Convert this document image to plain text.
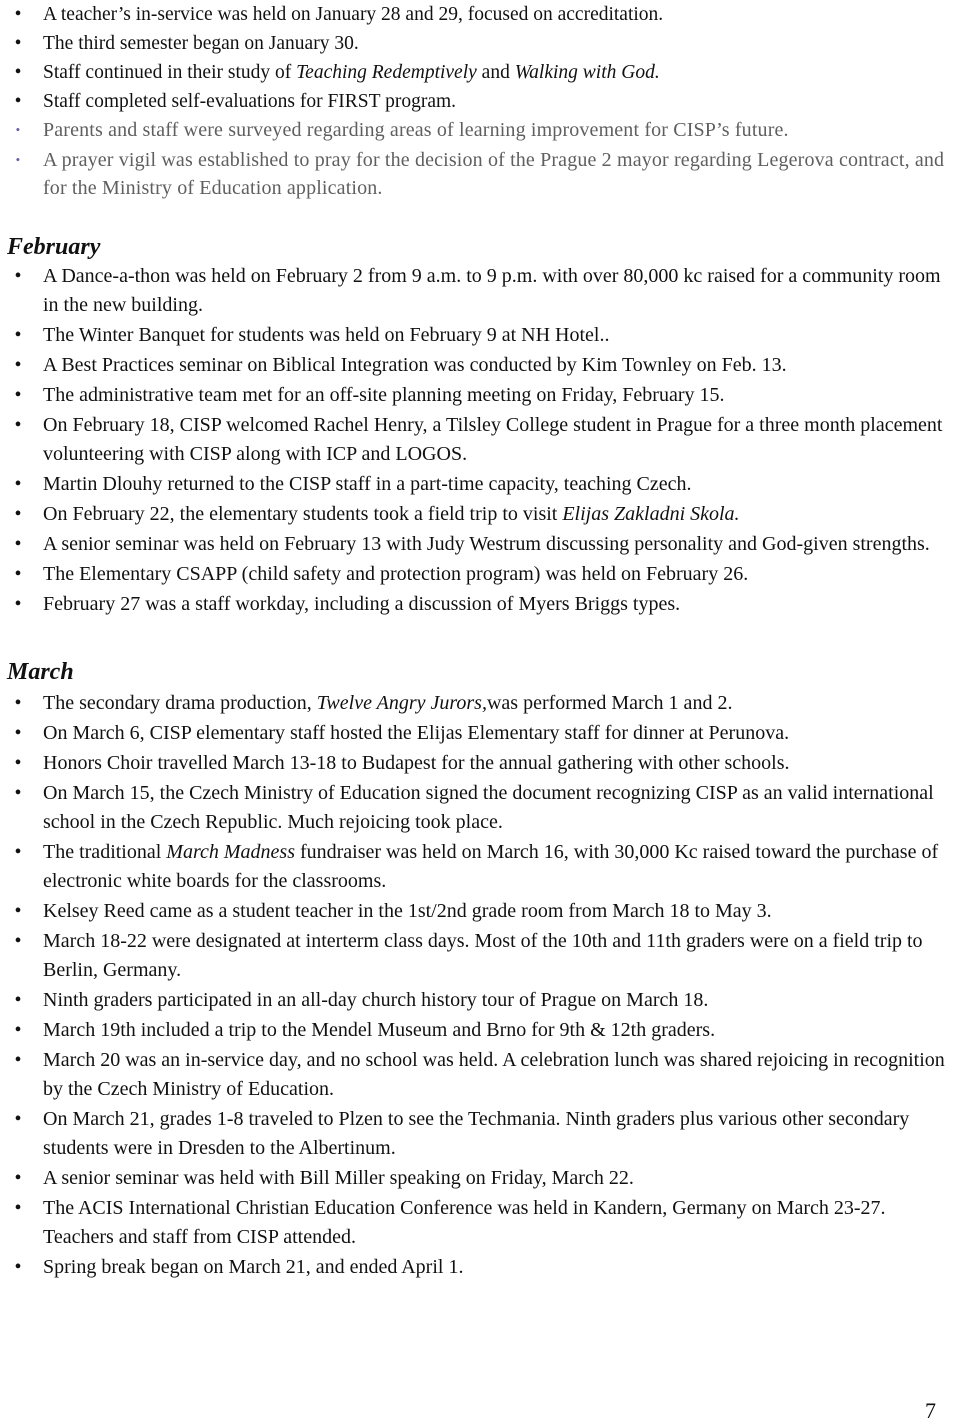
• A teacher’s in-service was held on January 28 and 29, focused on accreditation.
• The third semester began on January 30.
• Staff continued in their study of Teaching Redemptively and Walking with God.
• Staff completed self-evaluations for FIRST program.
• Parents and staff were surveyed regarding areas of learning improvement for CISP’s future.
• A prayer vigil was established to pray for the decision of the Prague 2 mayor regarding Legerova contract, and for the Ministry of Education application.
February
• A Dance-a-thon was held on February 2 from 9 a.m. to 9 p.m. with over 80,000 kc raised for a community room in the new building.
• The Winter Banquet for students was held on February 9 at NH Hotel..
• A Best Practices seminar on Biblical Integration was conducted by Kim Townley on Feb. 13.
• The administrative team met for an off-site planning meeting on Friday, February 15.
• On February 18, CISP welcomed Rachel Henry, a Tilsley College student in Prague for a three month placement volunteering with CISP along with ICP and LOGOS.
• Martin Dlouhy returned to the CISP staff in a part-time capacity, teaching Czech.
• On February 22, the elementary students took a field trip to visit Elijas Zakladni Skola.
• A senior seminar was held on February 13 with Judy Westrum discussing personality and God-given strengths.
• The Elementary CSAPP (child safety and protection program) was held on February 26.
• February 27 was a staff workday, including a discussion of Myers Briggs types.
March
• The secondary drama production, Twelve Angry Jurors,was performed March 1 and 2.
• On March 6, CISP elementary staff hosted the Elijas Elementary staff for dinner at Perunova.
• Honors Choir travelled March 13-18 to Budapest for the annual gathering with other schools.
• On March 15, the Czech Ministry of Education signed the document recognizing CISP as an valid international school in the Czech Republic. Much rejoicing took place.
• The traditional March Madness fundraiser was held on March 16, with 30,000 Kc raised toward the purchase of electronic white boards for the classrooms.
• Kelsey Reed came as a student teacher in the 1st/2nd grade room from March 18 to May 3.
• March 18-22 were designated at interterm class days. Most of the 10th and 11th graders were on a field trip to Berlin, Germany.
• Ninth graders participated in an all-day church history tour of Prague on March 18.
• March 19th included a trip to the Mendel Museum and Brno for 9th & 12th graders.
• March 20 was an in-service day, and no school was held. A celebration lunch was shared rejoicing in recognition by the Czech Ministry of Education.
• On March 21, grades 1-8 traveled to Plzen to see the Techmania. Ninth graders plus various other secondary students were in Dresden to the Albertinum.
• A senior seminar was held with Bill Miller speaking on Friday, March 22.
• The ACIS International Christian Education Conference was held in Kandern, Germany on March 23-27. Teachers and staff from CISP attended.
• Spring break began on March 21, and ended April 1.
7
